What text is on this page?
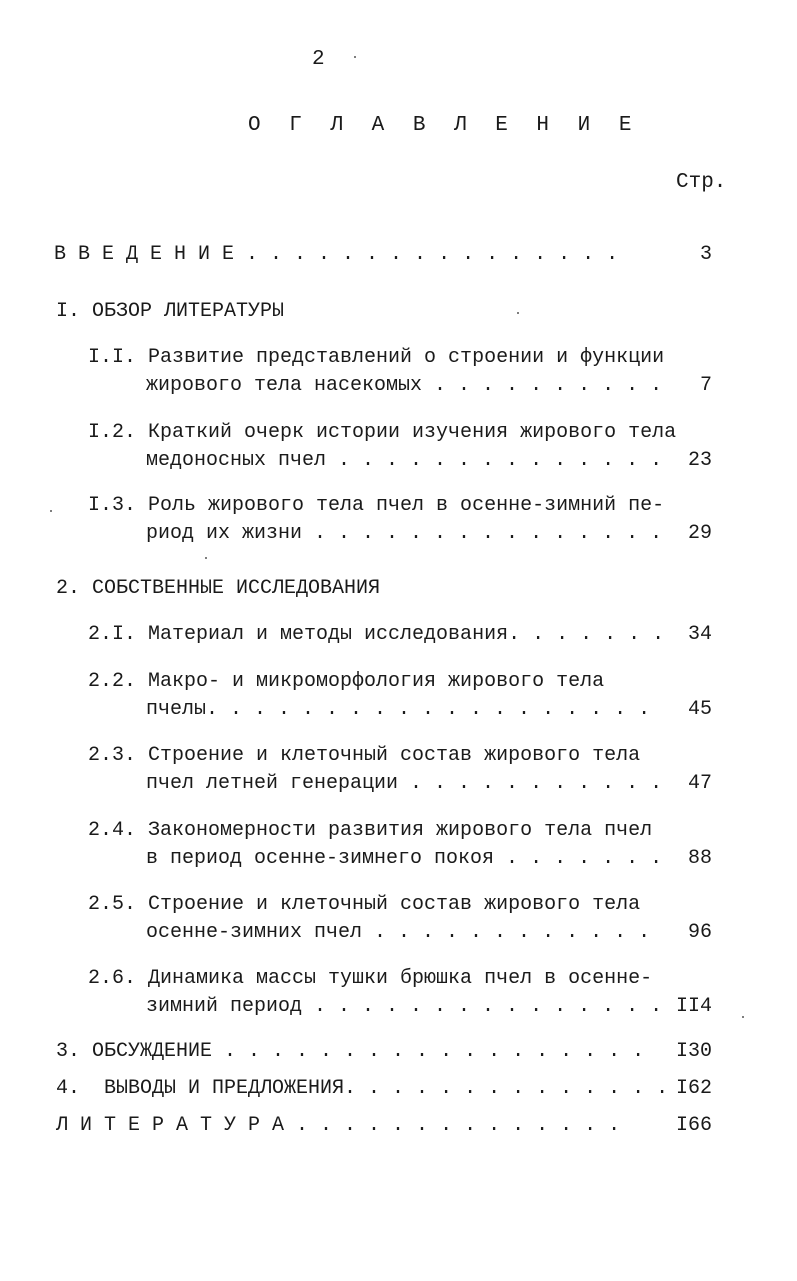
2
О Г Л А В Л Е Н И Е
Стр.
В В Е Д Е Н И Е . . . . . . . . . . . . . . . .	3
I. ОБЗОР ЛИТЕРАТУРЫ
I.I. Развитие представлений о строении и функции
жирового тела насекомых . . . . . . . . . .	7
I.2. Краткий очерк истории изучения жирового тела
медоносных пчел . . . . . . . . . . . . . .	23
I.3. Роль жирового тела пчел в осенне-зимний пе-
риод их жизни . . . . . . . . . . . . . . .	29
2. СОБСТВЕННЫЕ ИССЛЕДОВАНИЯ
2.I. Материал и методы исследования. . . . . . .	34
2.2. Макро- и микроморфология жирового тела
пчелы. . . . . . . . . . . . . . . . . . .	45
2.3. Строение и клеточный состав жирового тела
пчел летней генерации . . . . . . . . . . .	47
2.4. Закономерности развития жирового тела пчел
в период осенне-зимнего покоя . . . . . . .	88
2.5. Строение и клеточный состав жирового тела
осенне-зимних пчел . . . . . . . . . . . .	96
2.6. Динамика массы тушки брюшка пчел в осенне-
зимний период . . . . . . . . . . . . . . . II4
3. ОБСУЖДЕНИЕ . . . . . . . . . . . . . . . . . .	I30
4.  ВЫВОДЫ И ПРЕДЛОЖЕНИЯ. . . . . . . . . . . . . . I62
Л И Т Е Р А Т У Р А . . . . . . . . . . . . . .	I66
